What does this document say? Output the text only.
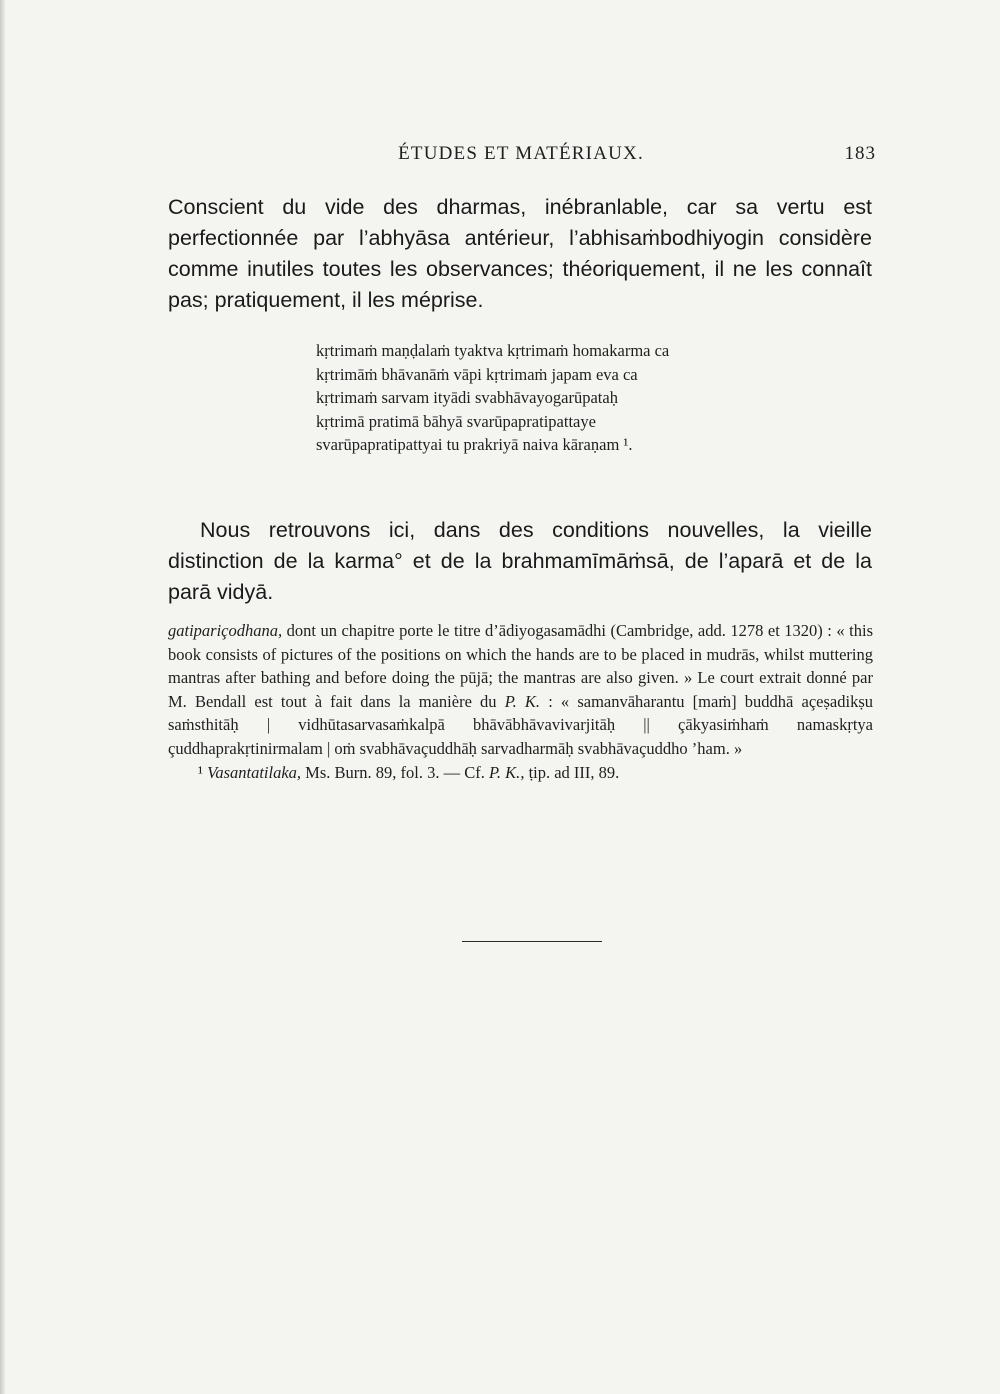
ÉTUDES ET MATÉRIAUX.	183

Conscient du vide des dharmas, inébranlable, car sa vertu est perfectionnée par l’abhyāsa antérieur, l’abhisaṁbodhiyogin considère comme inutiles toutes les observances; théoriquement, il ne les connaît pas; pratiquement, il les méprise.

kṛtrimaṁ maṇḍalaṁ tyaktva kṛtrimaṁ homakarma ca
kṛtrimāṁ bhāvanāṁ vāpi kṛtrimaṁ japam eva ca
kṛtrimaṁ sarvam ityādi svabhāvayogarūpataḥ
kṛtrimā pratimā bāhyā svarūpapratipattaye
svarūpapratipattyai tu prakriyā naiva kāraṇam ¹.

Nous retrouvons ici, dans des conditions nouvelles, la vieille distinction de la karma° et de la brahmamīmāṁsā, de l’aparā et de la parā vidyā.

gatipariçodhana, dont un chapitre porte le titre d’ādiyogasamādhi (Cambridge, add. 1278 et 1320) : « this book consists of pictures of the positions on which the hands are to be placed in mudrās, whilst muttering mantras after bathing and before doing the pūjā; the mantras are also given. » Le court extrait donné par M. Bendall est tout à fait dans la manière du P. K. : « samanvāharantu [maṁ] buddhā açeṣadikṣu saṁsthitāḥ | vidhūtasarvasaṁkalpā bhāvābhāvavivarjitāḥ || çākyasiṁhaṁ namaskṛtya çuddhaprakṛtinirmalam | oṁ svabhāvaçuddhāḥ sarvadharmāḥ svabhāvaçuddho ’ham. »
¹ Vasantatilaka, Ms. Burn. 89, fol. 3. — Cf. P. K., ṭip. ad III, 89.
